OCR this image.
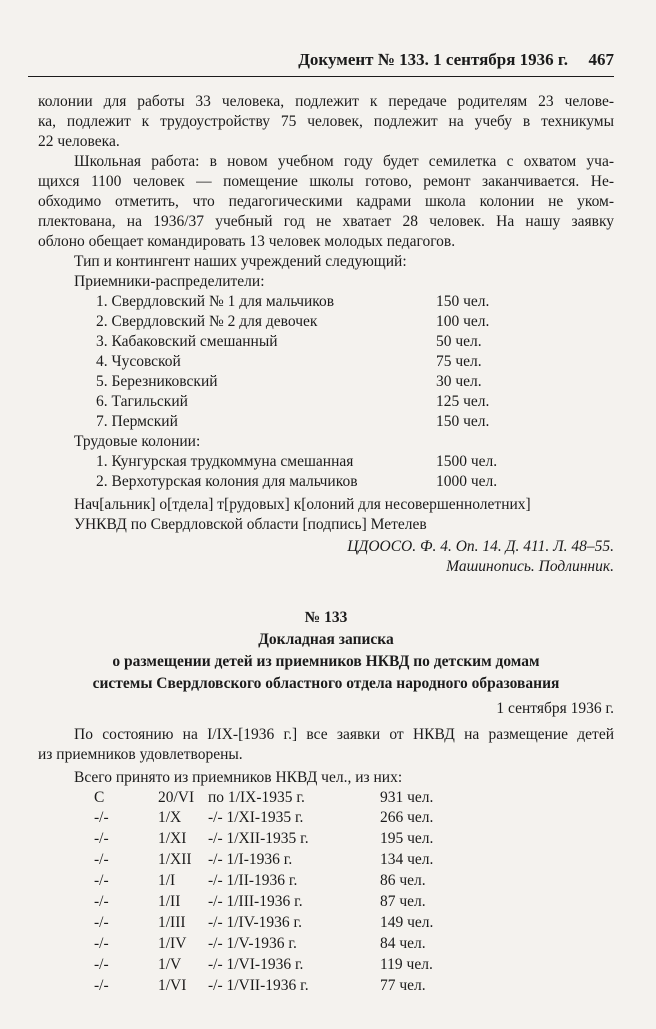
Документ № 133. 1 сентября 1936 г. 467
колонии для работы 33 человека, подлежит к передаче родителям 23 челове-
ка, подлежит к трудоустройству 75 человек, подлежит на учебу в техникумы
22 человека.
Школьная работа: в новом учебном году будет семилетка с охватом уча-
щихся 1100 человек — помещение школы готово, ремонт заканчивается. Не-
обходимо отметить, что педагогическими кадрами школа колонии не уком-
плектована, на 1936/37 учебный год не хватает 28 человек. На нашу заявку
облоно обещает командировать 13 человек молодых педагогов.
Тип и контингент наших учреждений следующий:
Приемники-распределители:
1. Свердловский № 1 для мальчиков	150 чел.
2. Свердловский № 2 для девочек	100 чел.
3. Кабаковский смешанный	50 чел.
4. Чусовской	75 чел.
5. Березниковский	30 чел.
6. Тагильский	125 чел.
7. Пермский	150 чел.
Трудовые колонии:
1. Кунгурская трудкоммуна смешанная	1500 чел.
2. Верхотурская колония для мальчиков	1000 чел.
Нач[альник] о[тдела] т[рудовых] к[олоний для несовершеннолетних]
УНКВД по Свердловской области [подпись] Метелев
ЦДООСО. Ф. 4. Оп. 14. Д. 411. Л. 48–55.
Машинопись. Подлинник.
№ 133
Докладная записка
о размещении детей из приемников НКВД по детским домам
системы Свердловского областного отдела народного образования
1 сентября 1936 г.
По состоянию на I/IX-[1936 г.] все заявки от НКВД на размещение детей
из приемников удовлетворены.
Всего принято из приемников НКВД чел., из них:
С	20/VI по 1/IX-1935 г.	931 чел.
-/-	1/X -/- 1/XI-1935 г.	266 чел.
-/-	1/XI -/- 1/XII-1935 г.	195 чел.
-/-	1/XII -/- 1/I-1936 г.	134 чел.
-/-	1/I -/- 1/II-1936 г.	86 чел.
-/-	1/II -/- 1/III-1936 г.	87 чел.
-/-	1/III -/- 1/IV-1936 г.	149 чел.
-/-	1/IV -/- 1/V-1936 г.	84 чел.
-/-	1/V -/- 1/VI-1936 г.	119 чел.
-/-	1/VI -/- 1/VII-1936 г.	77 чел.
